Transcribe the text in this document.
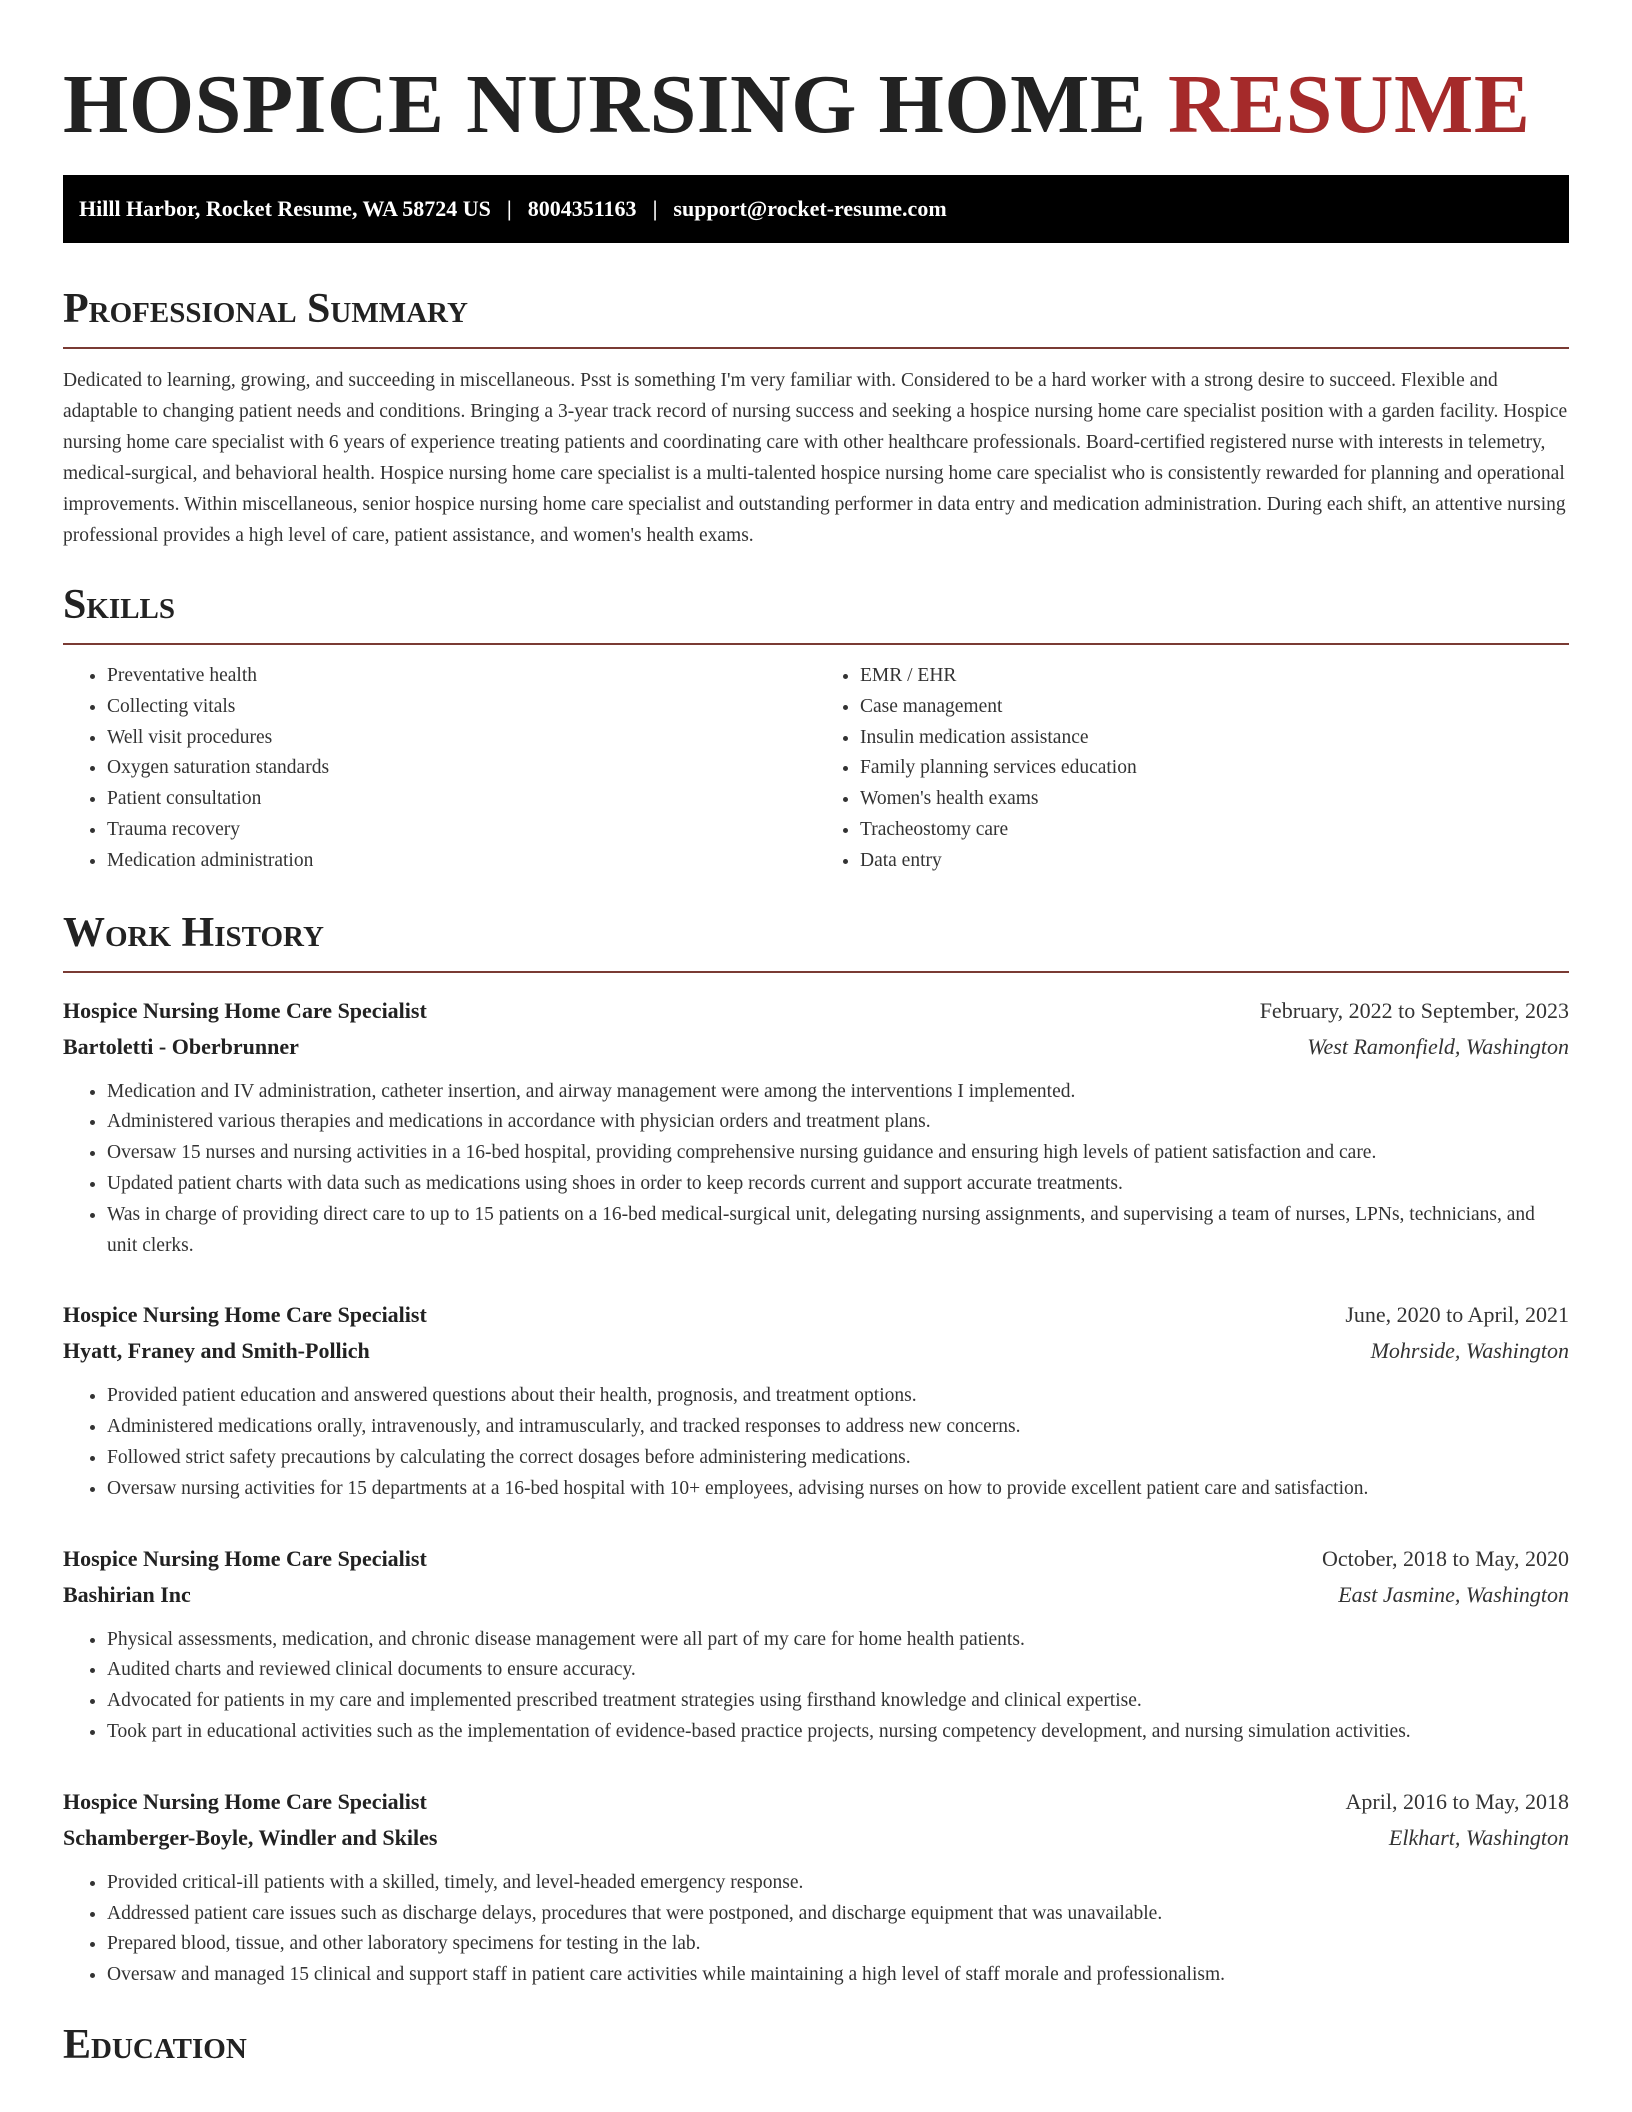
HOSPICE NURSING HOME RESUME
Hilll Harbor, Rocket Resume, WA 58724 US | 8004351163 | support@rocket-resume.com
Professional Summary

Dedicated to learning, growing, and succeeding in miscellaneous. Psst is something I'm very familiar with. Considered to be a hard worker with a strong desire to succeed. Flexible and adaptable to changing patient needs and conditions. Bringing a 3-year track record of nursing success and seeking a hospice nursing home care specialist position with a garden facility. Hospice nursing home care specialist with 6 years of experience treating patients and coordinating care with other healthcare professionals. Board-certified registered nurse with interests in telemetry, medical-surgical, and behavioral health. Hospice nursing home care specialist is a multi-talented hospice nursing home care specialist who is consistently rewarded for planning and operational improvements. Within miscellaneous, senior hospice nursing home care specialist and outstanding performer in data entry and medication administration. During each shift, an attentive nursing professional provides a high level of care, patient assistance, and women's health exams.

Skills
• Preventative health
• Collecting vitals
• Well visit procedures
• Oxygen saturation standards
• Patient consultation
• Trauma recovery
• Medication administration
• EMR / EHR
• Case management
• Insulin medication assistance
• Family planning services education
• Women's health exams
• Tracheostomy care
• Data entry
Work History
Hospice Nursing Home Care Specialist	February, 2022 to September, 2023
Bartoletti - Oberbrunner	West Ramonfield, Washington
• Medication and IV administration, catheter insertion, and airway management were among the interventions I implemented.
• Administered various therapies and medications in accordance with physician orders and treatment plans.
• Oversaw 15 nurses and nursing activities in a 16-bed hospital, providing comprehensive nursing guidance and ensuring high levels of patient satisfaction and care.
• Updated patient charts with data such as medications using shoes in order to keep records current and support accurate treatments.
• Was in charge of providing direct care to up to 15 patients on a 16-bed medical-surgical unit, delegating nursing assignments, and supervising a team of nurses, LPNs, technicians, and unit clerks.
Hospice Nursing Home Care Specialist	June, 2020 to April, 2021
Hyatt, Franey and Smith-Pollich	Mohrside, Washington
• Provided patient education and answered questions about their health, prognosis, and treatment options.
• Administered medications orally, intravenously, and intramuscularly, and tracked responses to address new concerns.
• Followed strict safety precautions by calculating the correct dosages before administering medications.
• Oversaw nursing activities for 15 departments at a 16-bed hospital with 10+ employees, advising nurses on how to provide excellent patient care and satisfaction.
Hospice Nursing Home Care Specialist	October, 2018 to May, 2020
Bashirian Inc	East Jasmine, Washington
• Physical assessments, medication, and chronic disease management were all part of my care for home health patients.
• Audited charts and reviewed clinical documents to ensure accuracy.
• Advocated for patients in my care and implemented prescribed treatment strategies using firsthand knowledge and clinical expertise.
• Took part in educational activities such as the implementation of evidence-based practice projects, nursing competency development, and nursing simulation activities.
Hospice Nursing Home Care Specialist	April, 2016 to May, 2018
Schamberger-Boyle, Windler and Skiles	Elkhart, Washington
• Provided critical-ill patients with a skilled, timely, and level-headed emergency response.
• Addressed patient care issues such as discharge delays, procedures that were postponed, and discharge equipment that was unavailable.
• Prepared blood, tissue, and other laboratory specimens for testing in the lab.
• Oversaw and managed 15 clinical and support staff in patient care activities while maintaining a high level of staff morale and professionalism.
Education
